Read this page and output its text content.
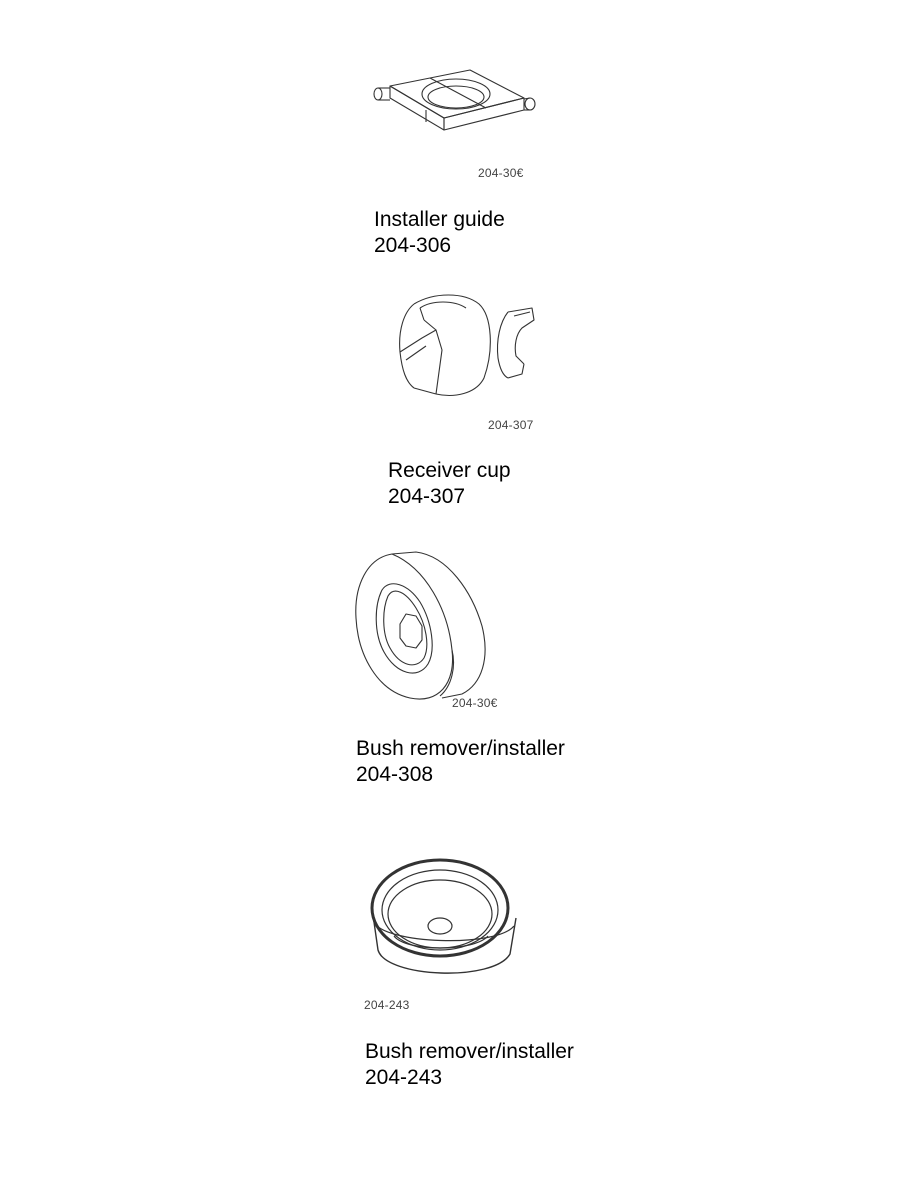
204-30€
Installer guide
204-306
204-307
Receiver cup
204-307
204-30€
Bush remover/installer
204-308
204-243
Bush remover/installer
204-243
